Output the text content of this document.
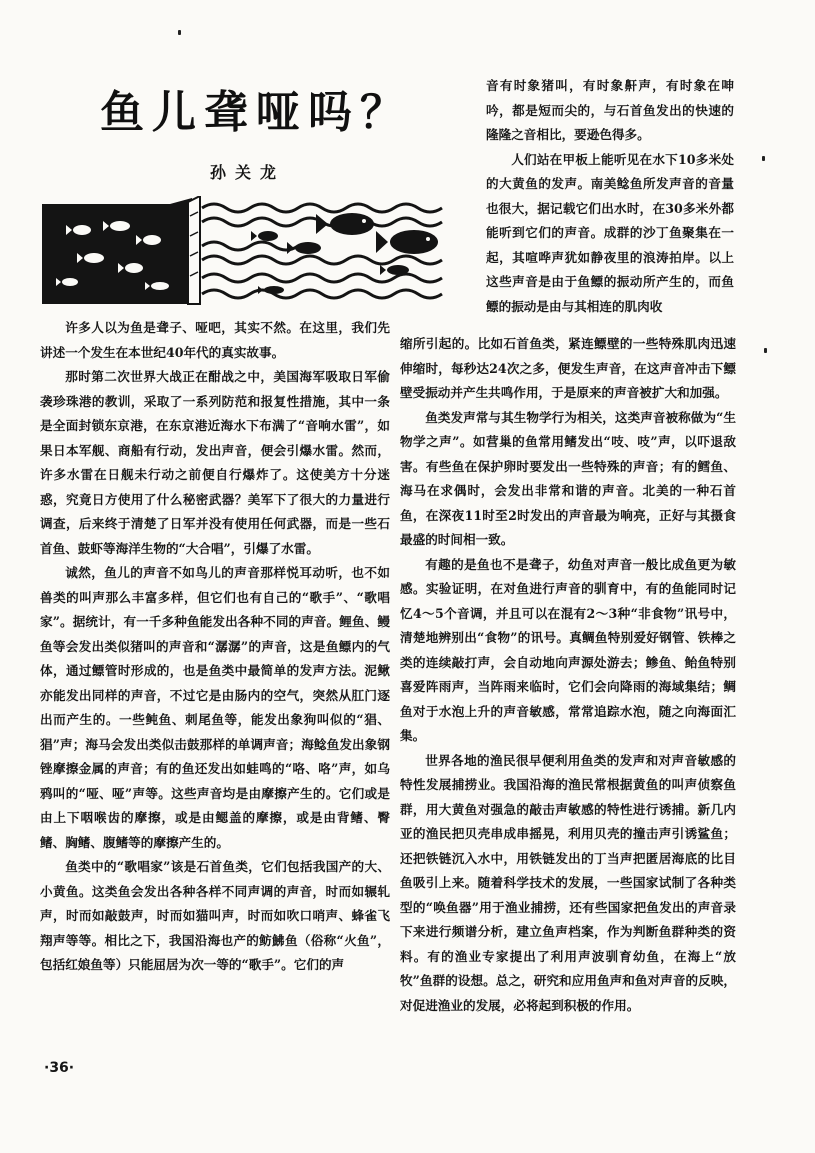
鱼儿聋哑吗？
孙关龙

音有时象猪叫，有时象鼾声，有时象在呻吟，都是短而尖的，与石首鱼发出的快速的隆隆之音相比，要逊色得多。

人们站在甲板上能听见在水下10多米处的大黄鱼的发声。南美鲶鱼所发声音的音量也很大，据记载它们出水时，在30多米外都能听到它们的声音。成群的沙丁鱼聚集在一起，其喧哗声犹如静夜里的浪涛拍岸。以上这些声音是由于鱼鳔的振动所产生的，而鱼鳔的振动是由与其相连的肌肉收

许多人以为鱼是聋子、哑吧，其实不然。在这里，我们先讲述一个发生在本世纪40年代的真实故事。

那时第二次世界大战正在酣战之中，美国海军吸取日军偷袭珍珠港的教训，采取了一系列防范和报复性措施，其中一条是全面封锁东京港，在东京港近海水下布满了“音响水雷”，如果日本军舰、商船有行动，发出声音，便会引爆水雷。然而，许多水雷在日舰未行动之前便自行爆炸了。这使美方十分迷惑，究竟日方使用了什么秘密武器？美军下了很大的力量进行调查，后来终于清楚了日军并没有使用任何武器，而是一些石首鱼、鼓虾等海洋生物的“大合唱”，引爆了水雷。

诚然，鱼儿的声音不如鸟儿的声音那样悦耳动听，也不如兽类的叫声那么丰富多样，但它们也有自己的“歌手”、“歌唱家”。据统计，有一千多种鱼能发出各种不同的声音。鲤鱼、鳗鱼等会发出类似猪叫的声音和“潺潺”的声音，这是鱼鳔内的气体，通过鳔管时形成的，也是鱼类中最简单的发声方法。泥鳅亦能发出同样的声音，不过它是由肠内的空气，突然从肛门逐出而产生的。一些鲀鱼、刺尾鱼等，能发出象狗叫似的“猖、猖”声；海马会发出类似击鼓那样的单调声音；海鲶鱼发出象钢锉摩擦金属的声音；有的鱼还发出如蛙鸣的“咯、咯”声，如乌鸦叫的“哑、哑”声等。这些声音均是由摩擦产生的。它们或是由上下咽喉齿的摩擦，或是由鳃盖的摩擦，或是由背鳍、臀鳍、胸鳍、腹鳍等的摩擦产生的。

鱼类中的“歌唱家”该是石首鱼类，它们包括我国产的大、小黄鱼。这类鱼会发出各种各样不同声调的声音，时而如辗轧声，时而如敲鼓声，时而如猫叫声，时而如吹口哨声、蜂雀飞翔声等等。相比之下，我国沿海也产的鲂鮄鱼（俗称“火鱼”，包括红娘鱼等）只能屈居为次一等的“歌手”。它们的声

缩所引起的。比如石首鱼类，紧连鳔壁的一些特殊肌肉迅速伸缩时，每秒达24次之多，便发生声音，在这声音冲击下鳔壁受振动并产生共鸣作用，于是原来的声音被扩大和加强。

鱼类发声常与其生物学行为相关，这类声音被称做为“生物学之声”。如营巢的鱼常用鳍发出“吱、吱”声，以吓退敌害。有些鱼在保护卵时要发出一些特殊的声音；有的鳕鱼、海马在求偶时，会发出非常和谐的声音。北美的一种石首鱼，在深夜11时至2时发出的声音最为响亮，正好与其摄食最盛的时间相一致。

有趣的是鱼也不是聋子，幼鱼对声音一般比成鱼更为敏感。实验证明，在对鱼进行声音的驯育中，有的鱼能同时记忆4～5个音调，并且可以在混有2～3种“非食物”讯号中，清楚地辨别出“食物”的讯号。真鲷鱼特别爱好钢管、铁棒之类的连续敲打声，会自动地向声源处游去；鲹鱼、鲐鱼特别喜爱阵雨声，当阵雨来临时，它们会向降雨的海域集结；鲷鱼对于水泡上升的声音敏感，常常追踪水泡，随之向海面汇集。

世界各地的渔民很早便利用鱼类的发声和对声音敏感的特性发展捕捞业。我国沿海的渔民常根据黄鱼的叫声侦察鱼群，用大黄鱼对强急的敲击声敏感的特性进行诱捕。新几内亚的渔民把贝壳串成串摇晃，利用贝壳的撞击声引诱鲨鱼；还把铁链沉入水中，用铁链发出的丁当声把匿居海底的比目鱼吸引上来。随着科学技术的发展，一些国家试制了各种类型的“唤鱼器”用于渔业捕捞，还有些国家把鱼发出的声音录下来进行频谱分析，建立鱼声档案，作为判断鱼群种类的资料。有的渔业专家提出了利用声波驯育幼鱼，在海上“放牧”鱼群的设想。总之，研究和应用鱼声和鱼对声音的反映，对促进渔业的发展，必将起到积极的作用。

·36·
